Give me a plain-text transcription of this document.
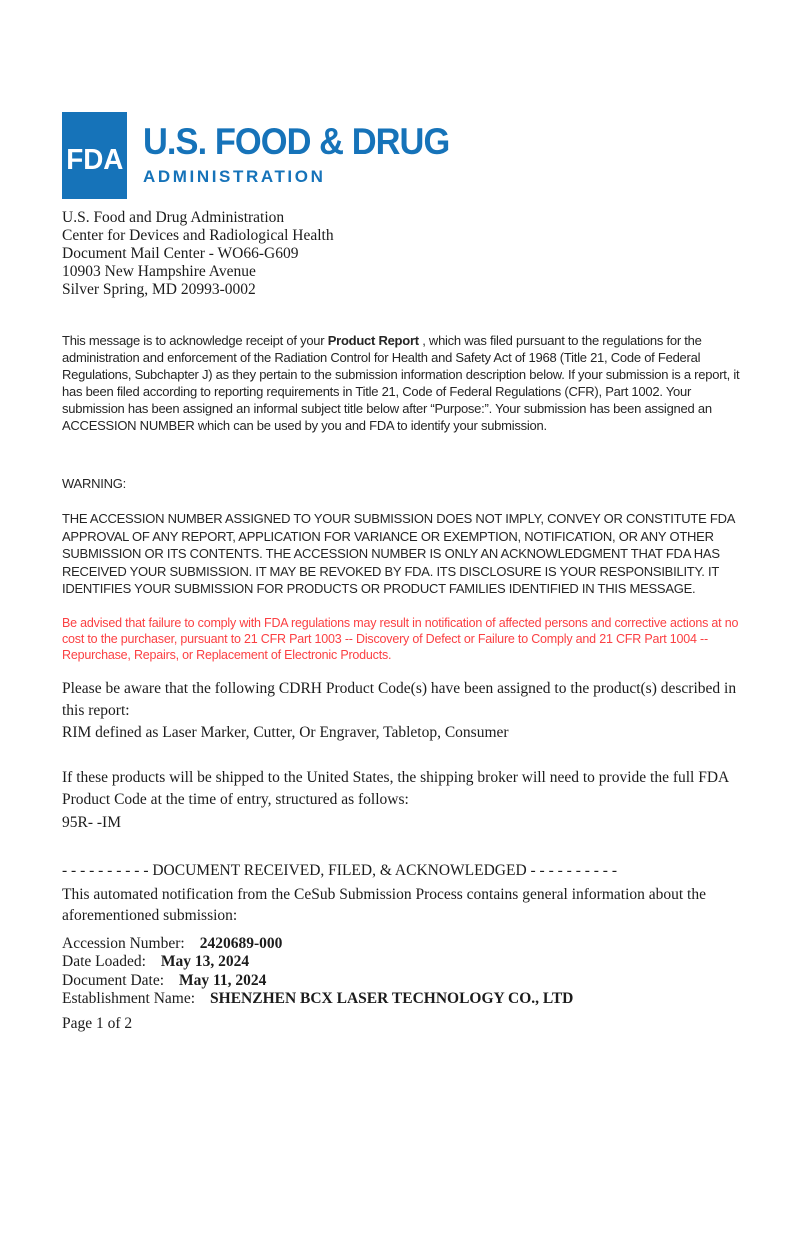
FDA U.S. FOOD & DRUG
ADMINISTRATION
U.S. Food and Drug Administration
Center for Devices and Radiological Health
Document Mail Center - WO66-G609
10903 New Hampshire Avenue
Silver Spring, MD 20993-0002

This message is to acknowledge receipt of your Product Report , which was filed pursuant to the regulations for the administration and enforcement of the Radiation Control for Health and Safety Act of 1968 (Title 21, Code of Federal Regulations, Subchapter J) as they pertain to the submission information description below. If your submission is a report, it has been filed according to reporting requirements in Title 21, Code of Federal Regulations (CFR), Part 1002. Your submission has been assigned an informal subject title below after “Purpose:”. Your submission has been assigned an ACCESSION NUMBER which can be used by you and FDA to identify your submission.

WARNING:

THE ACCESSION NUMBER ASSIGNED TO YOUR SUBMISSION DOES NOT IMPLY, CONVEY OR CONSTITUTE FDA APPROVAL OF ANY REPORT, APPLICATION FOR VARIANCE OR EXEMPTION, NOTIFICATION, OR ANY OTHER SUBMISSION OR ITS CONTENTS. THE ACCESSION NUMBER IS ONLY AN ACKNOWLEDGMENT THAT FDA HAS RECEIVED YOUR SUBMISSION. IT MAY BE REVOKED BY FDA. ITS DISCLOSURE IS YOUR RESPONSIBILITY. IT IDENTIFIES YOUR SUBMISSION FOR PRODUCTS OR PRODUCT FAMILIES IDENTIFIED IN THIS MESSAGE.

Be advised that failure to comply with FDA regulations may result in notification of affected persons and corrective actions at no cost to the purchaser, pursuant to 21 CFR Part 1003 -- Discovery of Defect or Failure to Comply and 21 CFR Part 1004 -- Repurchase, Repairs, or Replacement of Electronic Products.

Please be aware that the following CDRH Product Code(s) have been assigned to the product(s) described in this report:

RIM defined as Laser Marker, Cutter, Or Engraver, Tabletop, Consumer

If these products will be shipped to the United States, the shipping broker will need to provide the full FDA Product Code at the time of entry, structured as follows:

95R- -IM

- - - - - - - - - - DOCUMENT RECEIVED, FILED, & ACKNOWLEDGED - - - - - - - - - -

This automated notification from the CeSub Submission Process contains general information about the aforementioned submission:

Accession Number: 2420689-000
Date Loaded: May 13, 2024
Document Date: May 11, 2024
Establishment Name: SHENZHEN BCX LASER TECHNOLOGY CO., LTD

Page 1 of 2
